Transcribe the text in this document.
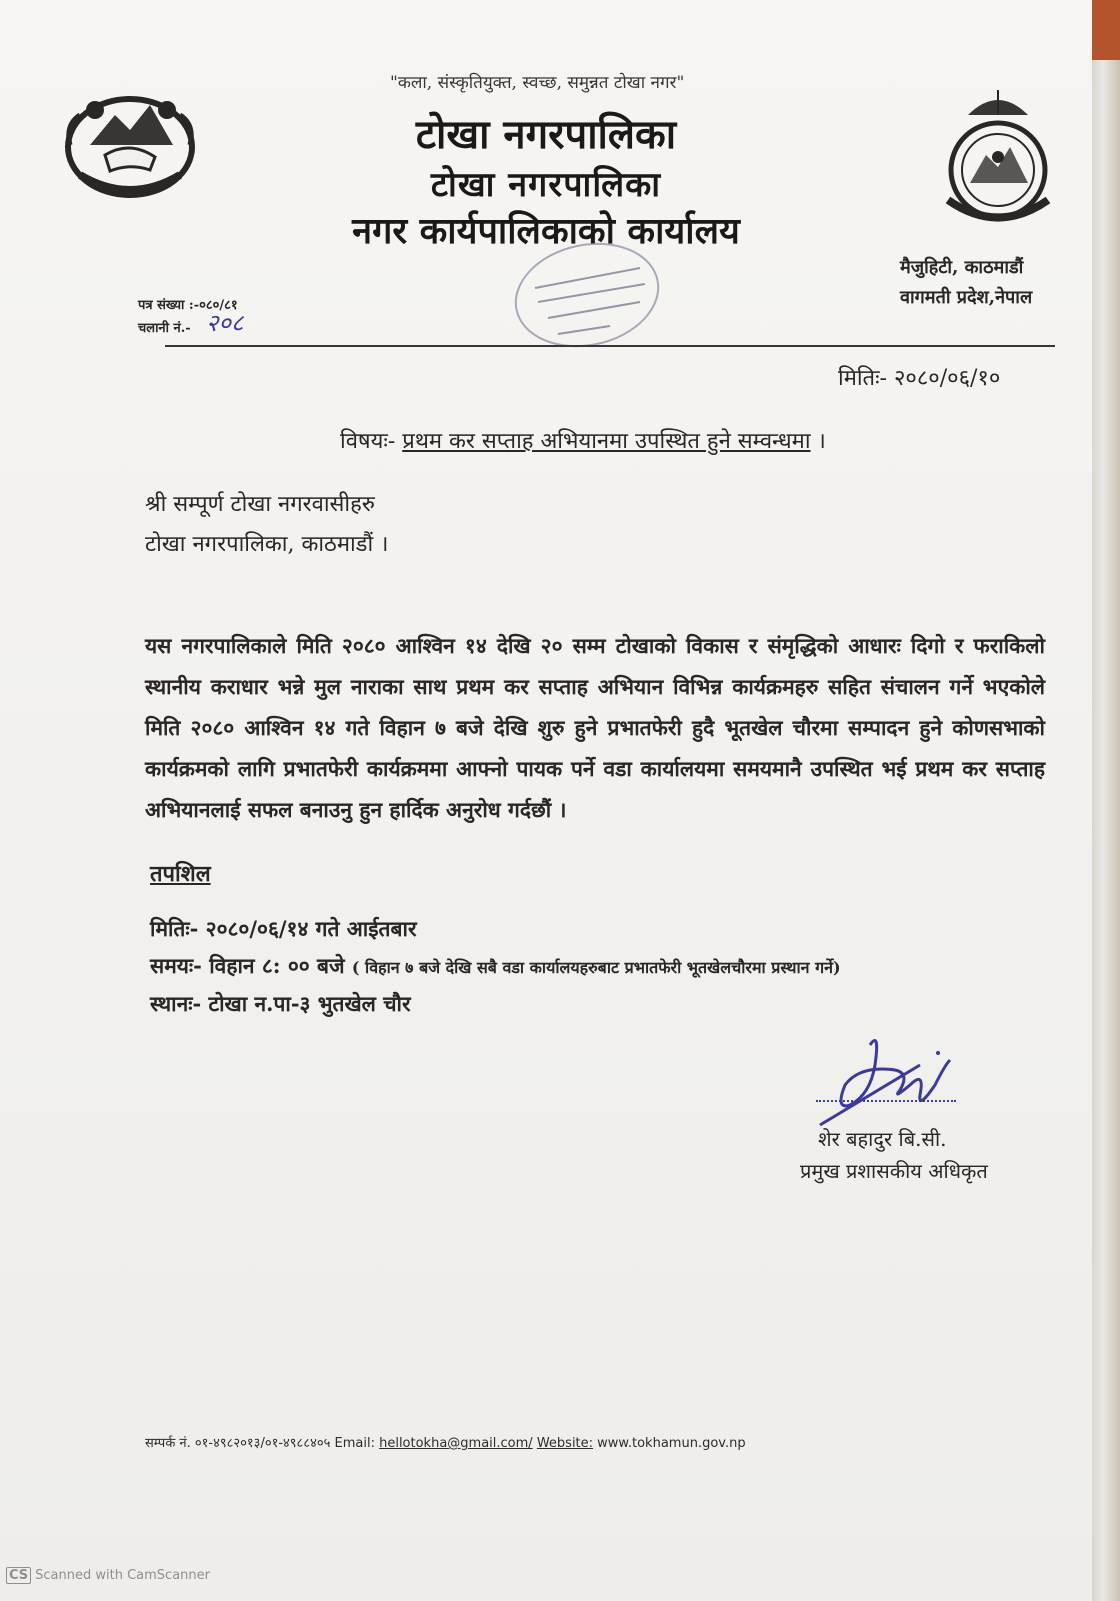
"कला, संस्कृतियुक्त, स्वच्छ, समुन्नत टोखा नगर"
टोखा नगरपालिका
टोखा नगरपालिका
नगर कार्यपालिकाको कार्यालय
मैजुहिटी, काठमाडौं
वागमती प्रदेश,नेपाल
पत्र संख्या :-०८०/८१
चलानी नं.- २०८
मितिः- २०८०/०६/१०
विषयः- प्रथम कर सप्ताह अभियानमा उपस्थित हुने सम्वन्धमा ।
श्री सम्पूर्ण टोखा नगरवासीहरु
टोखा नगरपालिका, काठमाडौं ।
यस नगरपालिकाले मिति २०८० आश्विन १४ देखि २० सम्म टोखाको विकास र संमृद्धिको आधारः दिगो र फराकिलो स्थानीय कराधार भन्ने मुल नाराका साथ प्रथम कर सप्ताह अभियान विभिन्न कार्यक्रमहरु सहित संचालन गर्ने भएकोले मिति २०८० आश्विन १४ गते विहान ७ बजे देखि शुरु हुने प्रभातफेरी हुदै भूतखेल चौरमा सम्पादन हुने कोणसभाको कार्यक्रमको लागि प्रभातफेरी कार्यक्रममा आफ्नो पायक पर्ने वडा कार्यालयमा समयमानै उपस्थित भई प्रथम कर सप्ताह अभियानलाई सफल बनाउनु हुन हार्दिक अनुरोध गर्दछौं ।
तपशिल
मितिः- २०८०/०६/१४ गते आईतबार
समयः- विहान ८: ०० बजे ( विहान ७ बजे देखि सबै वडा कार्यालयहरुबाट प्रभातफेरी भूतखेलचौरमा प्रस्थान गर्ने)
स्थानः- टोखा न.पा-३ भुतखेल चौर
शेर बहादुर बि.सी.
प्रमुख प्रशासकीय अधिकृत
सम्पर्क नं. ०१-४९८२०१३/०१-४९८८४०५ Email: hellotokha@gmail.com/ Website: www.tokhamun.gov.np
CS Scanned with CamScanner
